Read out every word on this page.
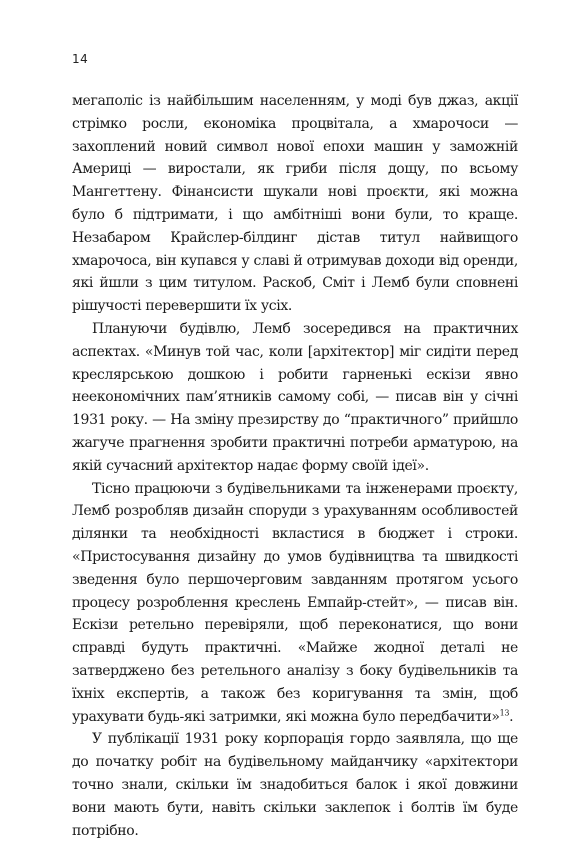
14

мегаполіс із найбільшим населенням, у моді був джаз, акції стрімко росли, економіка процвітала, а хмарочоси — захоплений новий символ нової епохи машин у заможній Америці — виростали, як гриби після дощу, по всьому Мангеттену. Фінансисти шукали нові проєкти, які можна було б підтримати, і що амбітніші вони були, то краще. Незабаром Крайслер-білдинг дістав титул найвищого хмарочоса, він купався у славі й отримував доходи від оренди, які йшли з цим титулом. Раскоб, Сміт і Лемб були сповнені рішучості перевершити їх усіх.

Плануючи будівлю, Лемб зосередився на практичних аспектах. «Минув той час, коли [архітектор] міг сидіти перед креслярською дошкою і робити гарненькі ескізи явно неекономічних пам’ятників самому собі, — писав він у січні 1931 року. — На зміну презирству до “практичного” прийшло жагуче прагнення зробити практичні потреби арматурою, на якій сучасний архітектор надає форму своїй ідеї».

Тісно працюючи з будівельниками та інженерами проєкту, Лемб розробляв дизайн споруди з урахуванням особливостей ділянки та необхідності вкластися в бюджет і строки. «Пристосування дизайну до умов будівництва та швидкості зведення було першочерговим завданням протягом усього процесу розроблення креслень Емпайр-стейт», — писав він. Ескізи ретельно перевіряли, щоб переконатися, що вони справді будуть практичні. «Майже жодної деталі не затверджено без ретельного аналізу з боку будівельників та їхніх експертів, а також без коригування та змін, щоб урахувати будь-які затримки, які можна було передбачити»$^{13}$.

У публікації 1931 року корпорація гордо заявляла, що ще до початку робіт на будівельному майданчику «архітектори точно знали, скільки їм знадобиться балок і якої довжини вони мають бути, навіть скільки заклепок і болтів їм буде потрібно.
